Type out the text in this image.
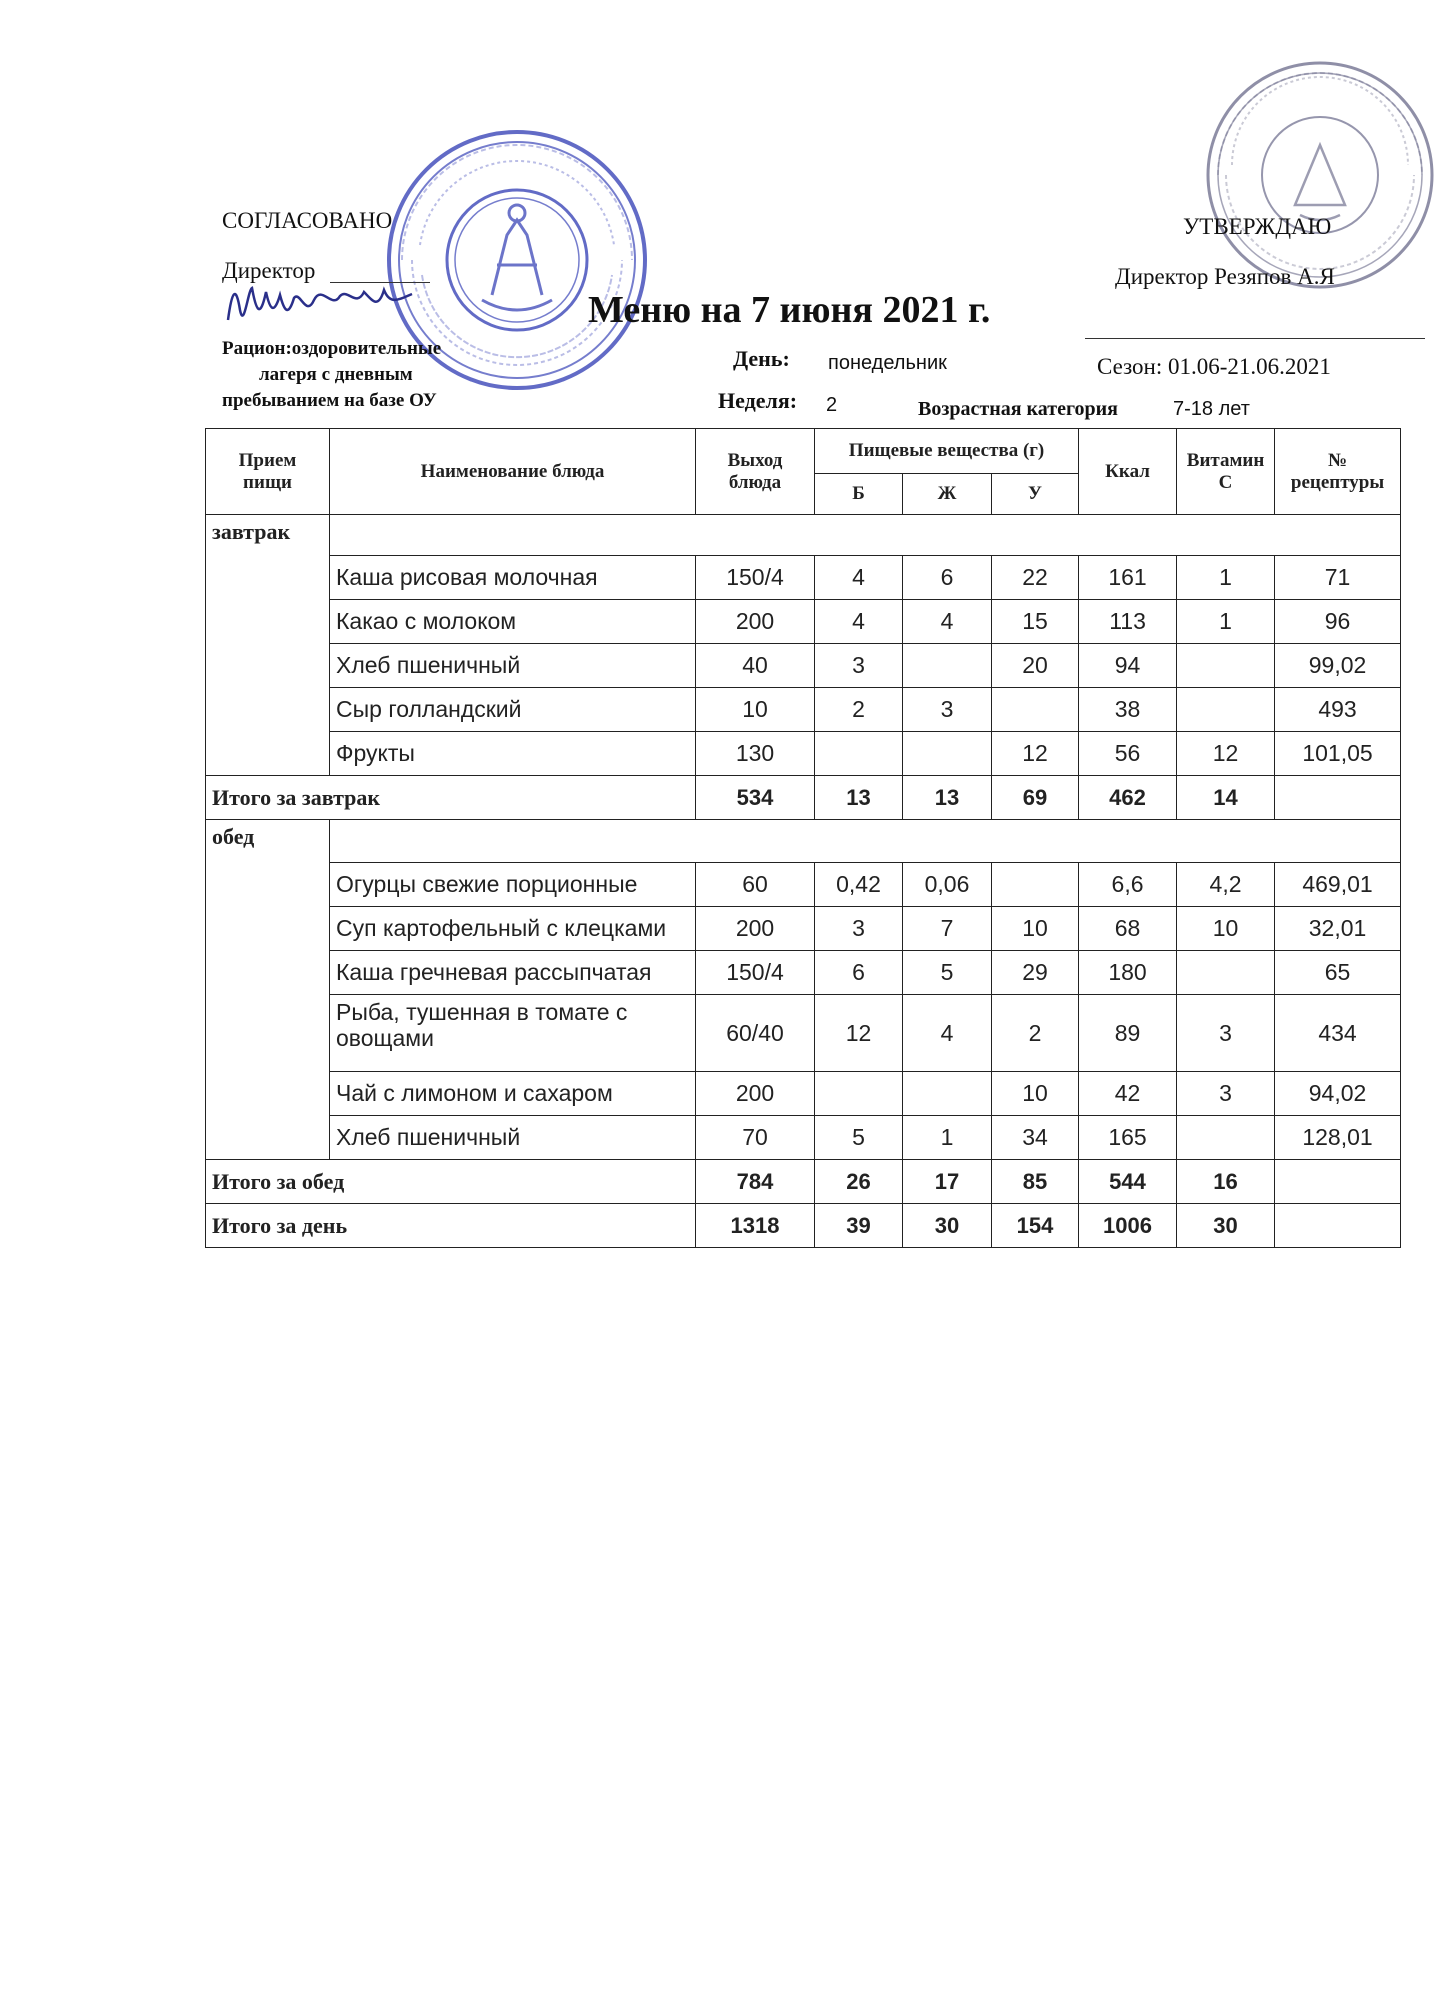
СОГЛАСОВАНО
Директор
Рацион:оздоровительные
лагеря с дневным
пребыванием на базе ОУ
УТВЕРЖДАЮ
Директор Резяпов А.Я
Сезон: 01.06-21.06.2021
Меню на 7 июня 2021 г.
День: понедельник
Неделя: 2	Возрастная категория	7-18 лет
Прием пищи	Наименование блюда	Выход блюда	Пищевые вещества (г)			Ккал	Витамин С	№ рецептуры
			Б	Ж	У			
завтрак								
	Каша рисовая молочная	150/4	4	6	22	161	1	71
	Какао с молоком	200	4	4	15	113	1	96
	Хлеб пшеничный	40	3		20	94		99,02
	Сыр голландский	10	2	3		38		493
	Фрукты	130			12	56	12	101,05
Итого за завтрак		534	13	13	69	462	14	
обед								
	Огурцы свежие порционные	60	0,42	0,06		6,6	4,2	469,01
	Суп картофельный с клецками	200	3	7	10	68	10	32,01
	Каша гречневая рассыпчатая	150/4	6	5	29	180		65
	Рыба, тушенная в томате с овощами	60/40	12	4	2	89	3	434
	Чай с лимоном и сахаром	200			10	42	3	94,02
	Хлеб пшеничный	70	5	1	34	165		128,01
Итого за обед		784	26	17	85	544	16	
Итого за день		1318	39	30	154	1006	30	
